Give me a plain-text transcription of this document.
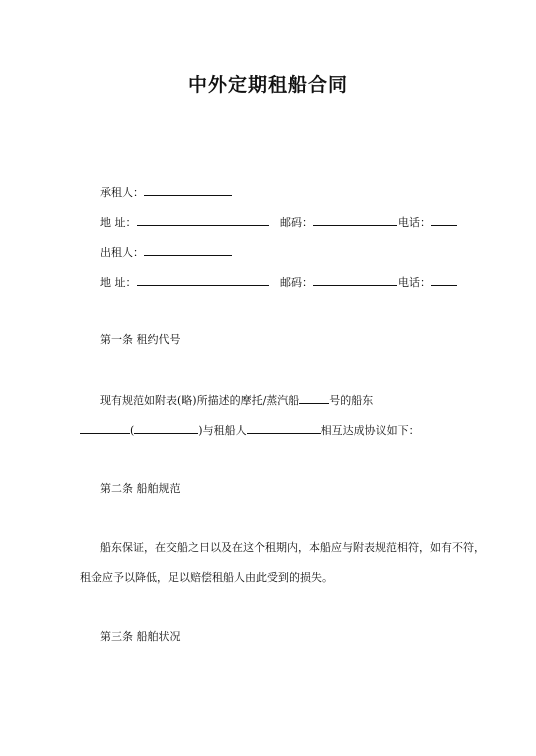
中外定期租船合同
承租人：
地 址：	邮码：	电话：
出租人：
地 址：	邮码：	电话：
第一条 租约代号
现有规范如附表(略)所描述的摩托/蒸汽船	号的船东
(	)与租船人	相互达成协议如下：
第二条 船舶规范
船东保证，在交船之日以及在这个租期内，本船应与附表规范相符，如有不符，
租金应予以降低，足以赔偿租船人由此受到的损失。
第三条 船舶状况
